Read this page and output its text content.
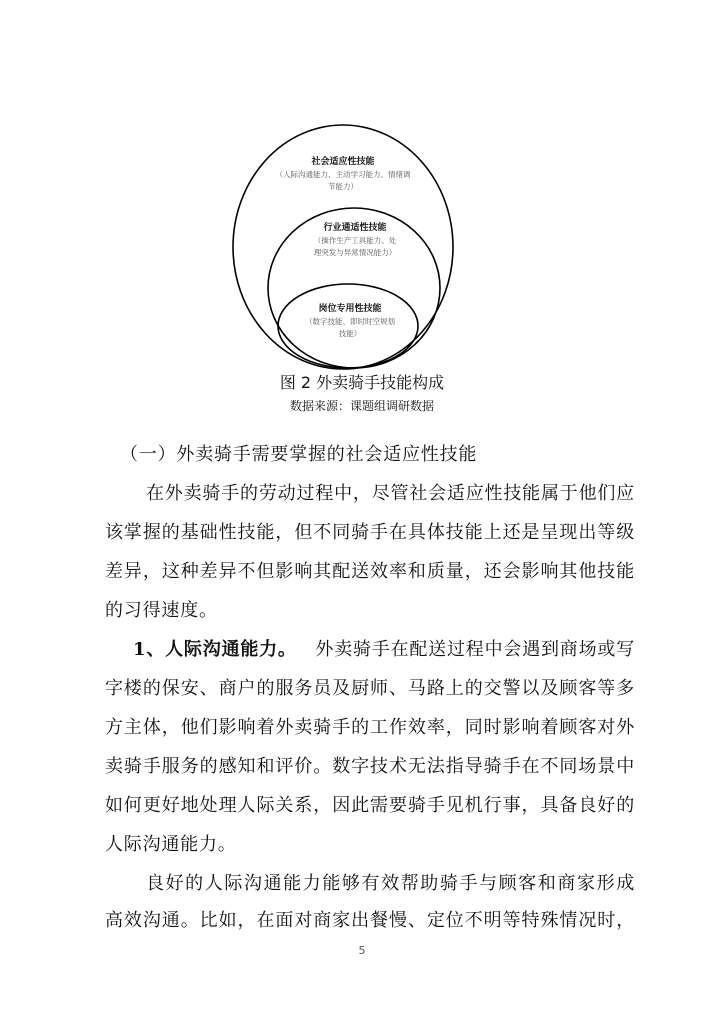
社会适应性技能
（人际沟通能力、主动学习能力、情绪调
节能力）
行业通适性技能
（操作生产工具能力、处
理突发与异常情况能力）
岗位专用性技能
（数字技能、即时时空规划
技能）
图 2 外卖骑手技能构成
数据来源：课题组调研数据
（一）外卖骑手需要掌握的社会适应性技能
在外卖骑手的劳动过程中，尽管社会适应性技能属于他们应
该掌握的基础性技能，但不同骑手在具体技能上还是呈现出等级
差异，这种差异不但影响其配送效率和质量，还会影响其他技能
的习得速度。
1、人际沟通能力。 外卖骑手在配送过程中会遇到商场或写
字楼的保安、商户的服务员及厨师、马路上的交警以及顾客等多
方主体，他们影响着外卖骑手的工作效率，同时影响着顾客对外
卖骑手服务的感知和评价。数字技术无法指导骑手在不同场景中
如何更好地处理人际关系，因此需要骑手见机行事，具备良好的
人际沟通能力。
良好的人际沟通能力能够有效帮助骑手与顾客和商家形成
高效沟通。比如，在面对商家出餐慢、定位不明等特殊情况时，
5
